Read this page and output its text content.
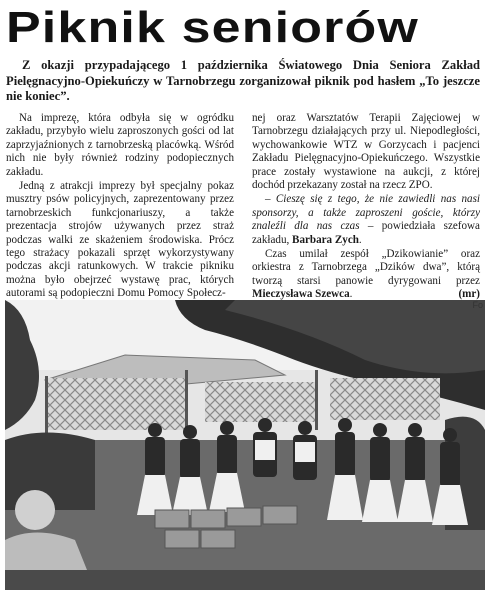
Piknik seniorów
Z okazji przypadającego 1 października Światowego Dnia Seniora Zakład Pielęgnacyjno-Opiekuńczy w Tarnobrzegu zorganizował piknik pod hasłem „To jeszcze nie koniec”.

Na imprezę, która odbyła się w ogródku zakładu, przybyło wielu zaproszonych gości od lat zaprzyjaźnionych z tarnobrzeską placówką. Wśród nich nie były również rodziny podopiecznych zakładu.

Jedną z atrakcji imprezy był specjalny pokaz musztry psów policyjnych, zaprezentowany przez tarnobrzeskich funkcjonariuszy, a także prezentacja strojów używanych przez straż podczas walki ze skażeniem środowiska. Prócz tego strażacy pokazali sprzęt wykorzystywany podczas akcji ratunkowych. W trakcie pikniku można było obejrzeć wystawę prac, których autorami są podopieczni Domu Pomocy Społecz-

nej oraz Warsztatów Terapii Zajęciowej w Tarnobrzegu działających przy ul. Niepodległości, wychowankowie WTZ w Gorzycach i pacjenci Zakładu Pielęgnacyjno-Opiekuńczego. Wszystkie prace zostały wystawione na aukcji, z której dochód przekazany został na rzecz ZPO.

– Cieszę się z tego, że nie zawiedli nas nasi sponsorzy, a także zaproszeni goście, którzy znaleźli dla nas czas – powiedziała szefowa zakładu, Barbara Zych.

Czas umilał zespół „Dzikowianie” oraz orkiestra z Tarnobrzega „Dzików dwa”, którą tworzą starsi panowie dyrygowani przez Mieczysława Szewca.	(mr)

Fo
